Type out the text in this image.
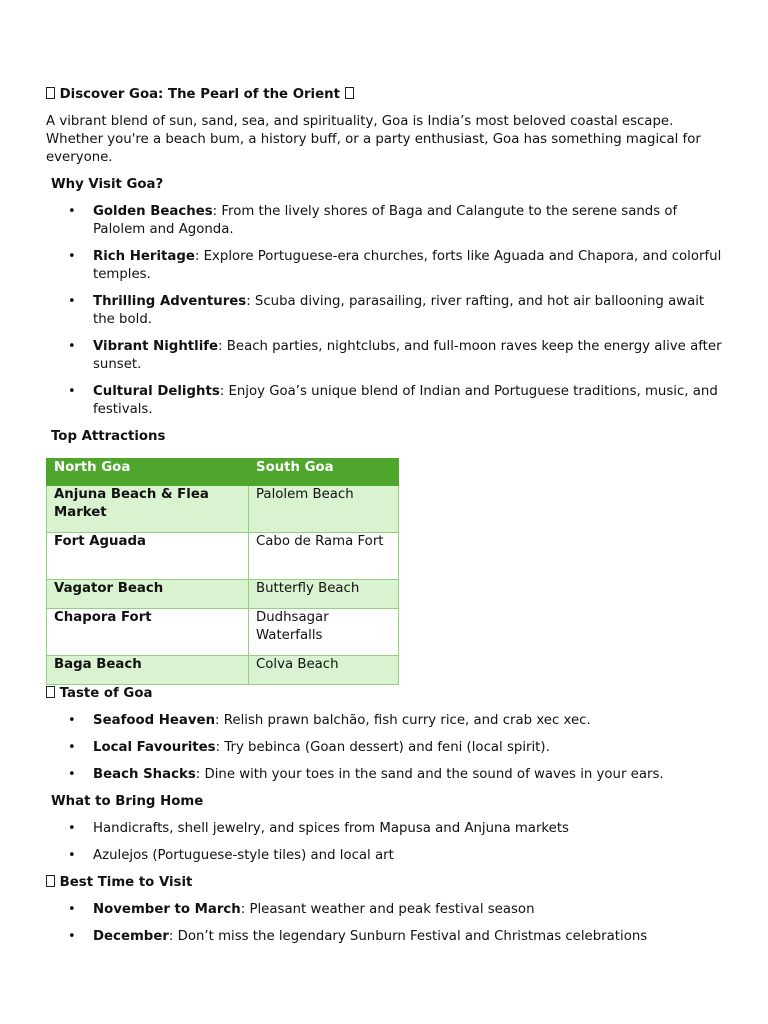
Discover Goa: The Pearl of the Orient

A vibrant blend of sun, sand, sea, and spirituality, Goa is India’s most beloved coastal escape. Whether you're a beach bum, a history buff, or a party enthusiast, Goa has something magical for everyone.

Why Visit Goa?
• Golden Beaches: From the lively shores of Baga and Calangute to the serene sands of Palolem and Agonda.
• Rich Heritage: Explore Portuguese-era churches, forts like Aguada and Chapora, and colorful temples.
• Thrilling Adventures: Scuba diving, parasailing, river rafting, and hot air ballooning await the bold.
• Vibrant Nightlife: Beach parties, nightclubs, and full-moon raves keep the energy alive after sunset.
• Cultural Delights: Enjoy Goa’s unique blend of Indian and Portuguese traditions, music, and festivals.
Top Attractions
North Goa	South Goa
Anjuna Beach & Flea Market	Palolem Beach
Fort Aguada	Cabo de Rama Fort
Vagator Beach	Butterfly Beach
Chapora Fort	Dudhsagar Waterfalls
Baga Beach	Colva Beach
Taste of Goa
• Seafood Heaven: Relish prawn balchão, fish curry rice, and crab xec xec.
• Local Favourites: Try bebinca (Goan dessert) and feni (local spirit).
• Beach Shacks: Dine with your toes in the sand and the sound of waves in your ears.
What to Bring Home
• Handicrafts, shell jewelry, and spices from Mapusa and Anjuna markets
• Azulejos (Portuguese-style tiles) and local art
Best Time to Visit
• November to March: Pleasant weather and peak festival season
• December: Don’t miss the legendary Sunburn Festival and Christmas celebrations
